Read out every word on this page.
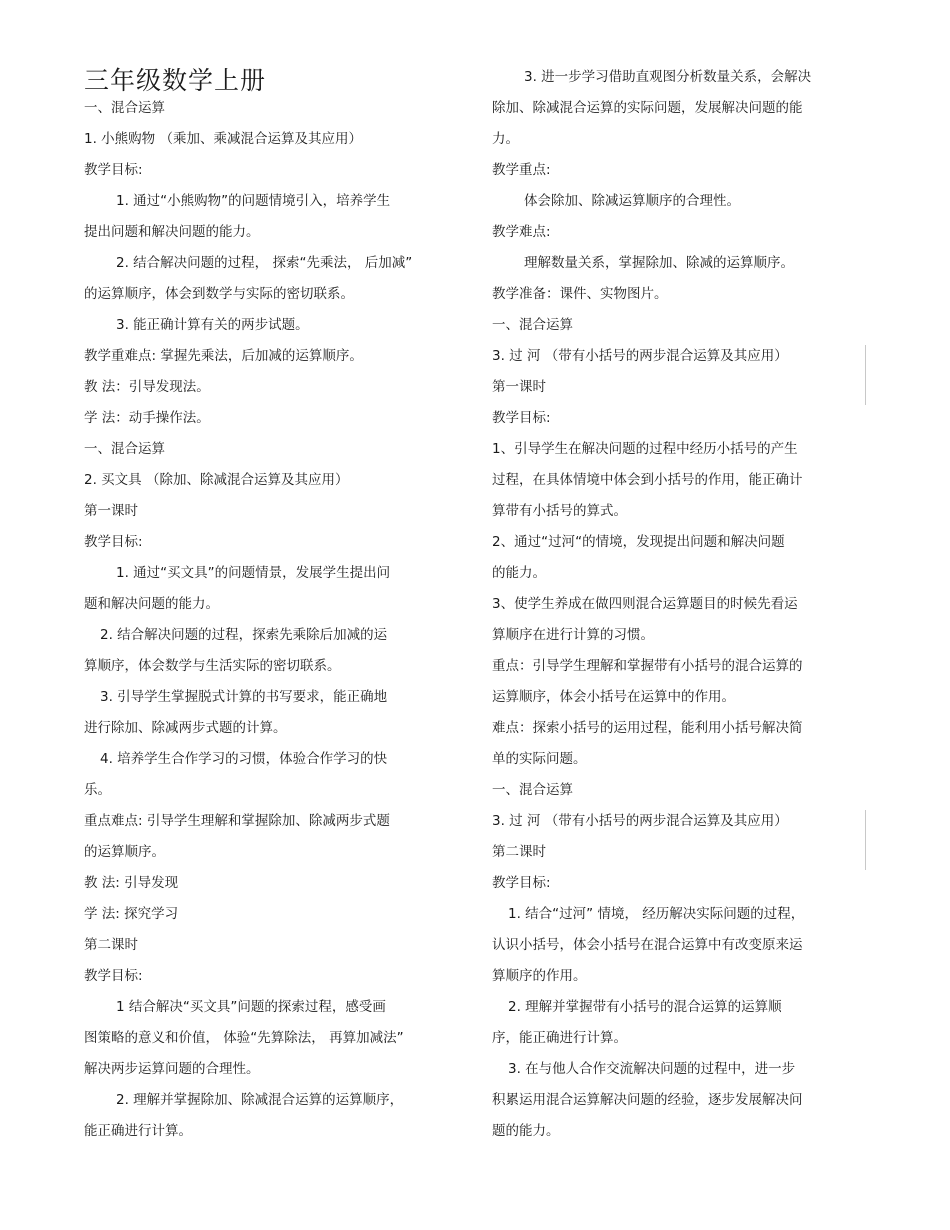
三年级数学上册
一、混合运算
1. 小熊购物 （乘加、乘减混合运算及其应用）
教学目标:
1. 通过“小熊购物”的问题情境引入，培养学生
提出问题和解决问题的能力。
2. 结合解决问题的过程， 探索“先乘法， 后加减”
的运算顺序，体会到数学与实际的密切联系。
3. 能正确计算有关的两步试题。
教学重难点: 掌握先乘法，后加减的运算顺序。
教 法：引导发现法。
学 法：动手操作法。
一、混合运算
2. 买文具 （除加、除减混合运算及其应用）
第一课时
教学目标:
1. 通过“买文具”的问题情景，发展学生提出问
题和解决问题的能力。
2. 结合解决问题的过程，探索先乘除后加减的运
算顺序，体会数学与生活实际的密切联系。
3. 引导学生掌握脱式计算的书写要求，能正确地
进行除加、除减两步式题的计算。
4. 培养学生合作学习的习惯，体验合作学习的快
乐。
重点难点: 引导学生理解和掌握除加、除减两步式题
的运算顺序。
教 法: 引导发现
学 法: 探究学习
第二课时
教学目标:
1 结合解决“买文具”问题的探索过程，感受画
图策略的意义和价值， 体验“先算除法， 再算加减法”
解决两步运算问题的合理性。
2. 理解并掌握除加、除减混合运算的运算顺序，
能正确进行计算。
3. 进一步学习借助直观图分析数量关系，会解决
除加、除减混合运算的实际问题，发展解决问题的能
力。
教学重点:
体会除加、除减运算顺序的合理性。
教学难点:
理解数量关系，掌握除加、除减的运算顺序。
教学准备：课件、实物图片。
一、混合运算
3. 过 河 （带有小括号的两步混合运算及其应用）
第一课时
教学目标:
1、引导学生在解决问题的过程中经历小括号的产生
过程，在具体情境中体会到小括号的作用，能正确计
算带有小括号的算式。
2、通过“过河“的情境，发现提出问题和解决问题
的能力。
3、使学生养成在做四则混合运算题目的时候先看运
算顺序在进行计算的习惯。
重点：引导学生理解和掌握带有小括号的混合运算的
运算顺序，体会小括号在运算中的作用。
难点：探索小括号的运用过程，能利用小括号解决简
单的实际问题。
一、混合运算
3. 过 河 （带有小括号的两步混合运算及其应用）
第二课时
教学目标:
1. 结合“过河” 情境， 经历解决实际问题的过程，
认识小括号，体会小括号在混合运算中有改变原来运
算顺序的作用。
2. 理解并掌握带有小括号的混合运算的运算顺
序，能正确进行计算。
3. 在与他人合作交流解决问题的过程中，进一步
积累运用混合运算解决问题的经验，逐步发展解决问
题的能力。
